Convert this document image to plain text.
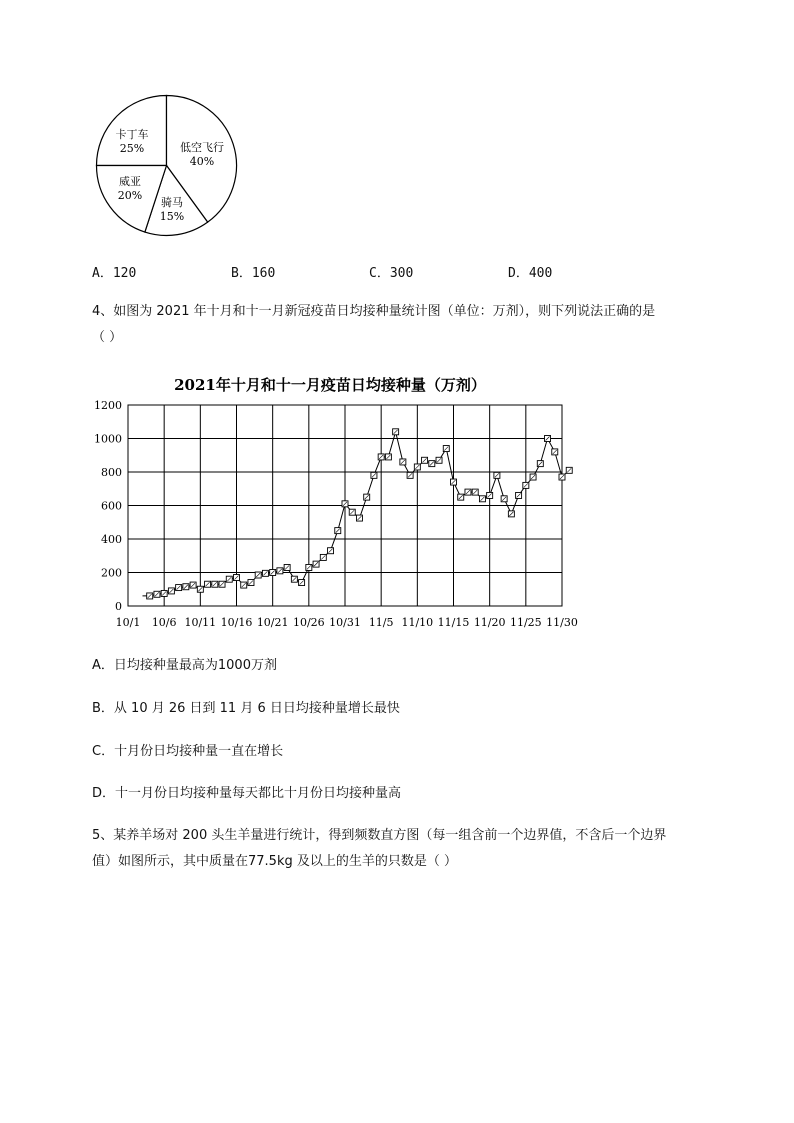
卡丁车
25%	低空飞行
40%
骑马
15%
威亚
20%
A．120	B．160	C．300	D．400
4、如图为 2021 年十月和十一月新冠疫苗日均接种量统计图（单位：万剂），则下列说法正确的是
（ ）
2021年十月和十一月疫苗日均接种量（万剂）
0
200
400
600
800
1000
1200
10/1 10/6 10/11 10/16 10/21 10/26 10/31 11/5 11/10 11/15 11/20 11/25 11/30
A．日均接种量最高为1000万剂
B．从 10 月 26 日到 11 月 6 日日均接种量增长最快
C．十月份日均接种量一直在增长
D．十一月份日均接种量每天都比十月份日均接种量高
5、某养羊场对 200 头生羊量进行统计，得到频数直方图（每一组含前一个边界值，不含后一个边界
值）如图所示，其中质量在77.5kg 及以上的生羊的只数是（ ）
